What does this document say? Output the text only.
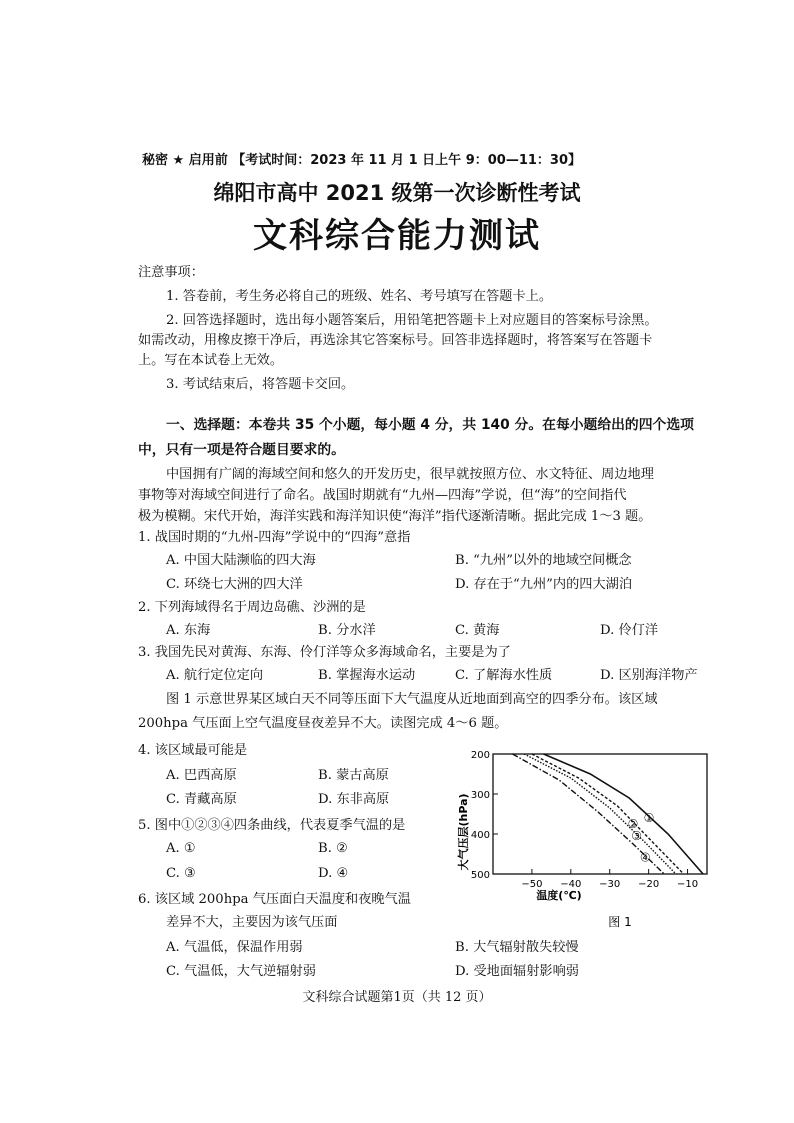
秘密 ★ 启用前 【考试时间：2023 年 11 月 1 日上午 9：00—11：30】
绵阳市高中 2021 级第一次诊断性考试
文科综合能力测试
注意事项：
1. 答卷前，考生务必将自己的班级、姓名、考号填写在答题卡上。
2. 回答选择题时，选出每小题答案后，用铅笔把答题卡上对应题目的答案标号涂黑。
如需改动，用橡皮擦干净后，再选涂其它答案标号。回答非选择题时，将答案写在答题卡
上。写在本试卷上无效。
3. 考试结束后，将答题卡交回。
一、选择题：本卷共 35 个小题，每小题 4 分，共 140 分。在每小题给出的四个选项
中，只有一项是符合题目要求的。
中国拥有广阔的海域空间和悠久的开发历史，很早就按照方位、水文特征、周边地理
事物等对海域空间进行了命名。战国时期就有“九州—四海”学说，但“海”的空间指代
极为模糊。宋代开始，海洋实践和海洋知识使“海洋”指代逐渐清晰。据此完成 1～3 题。
1. 战国时期的“九州-四海”学说中的“四海”意指
A. 中国大陆濒临的四大海	B. “九州”以外的地域空间概念
C. 环绕七大洲的四大洋	D. 存在于“九州”内的四大湖泊
2. 下列海域得名于周边岛礁、沙洲的是
A. 东海	B. 分水洋	C. 黄海	D. 伶仃洋
3. 我国先民对黄海、东海、伶仃洋等众多海域命名，主要是为了
A. 航行定位定向	B. 掌握海水运动	C. 了解海水性质	D. 区别海洋物产
图 1 示意世界某区域白天不同等压面下大气温度从近地面到高空的四季分布。该区域
200hpa 气压面上空气温度昼夜差异不大。读图完成 4～6 题。
4. 该区域最可能是
A. 巴西高原	B. 蒙古高原
C. 青藏高原	D. 东非高原
5. 图中①②③④四条曲线，代表夏季气温的是
A. ①	B. ②
C. ③	D. ④
6. 该区域 200hpa 气压面白天温度和夜晚气温
差异不大，主要因为该气压面
A. 气温低，保温作用弱	B. 大气辐射散失较慢
C. 气温低，大气逆辐射弱	D. 受地面辐射影响弱
文科综合试题第1页（共 12 页）
200
300
400
500
−50 −40 −30 −20 −10
①
②
③
④
大气压层(hPa)
温度(℃)
图 1
